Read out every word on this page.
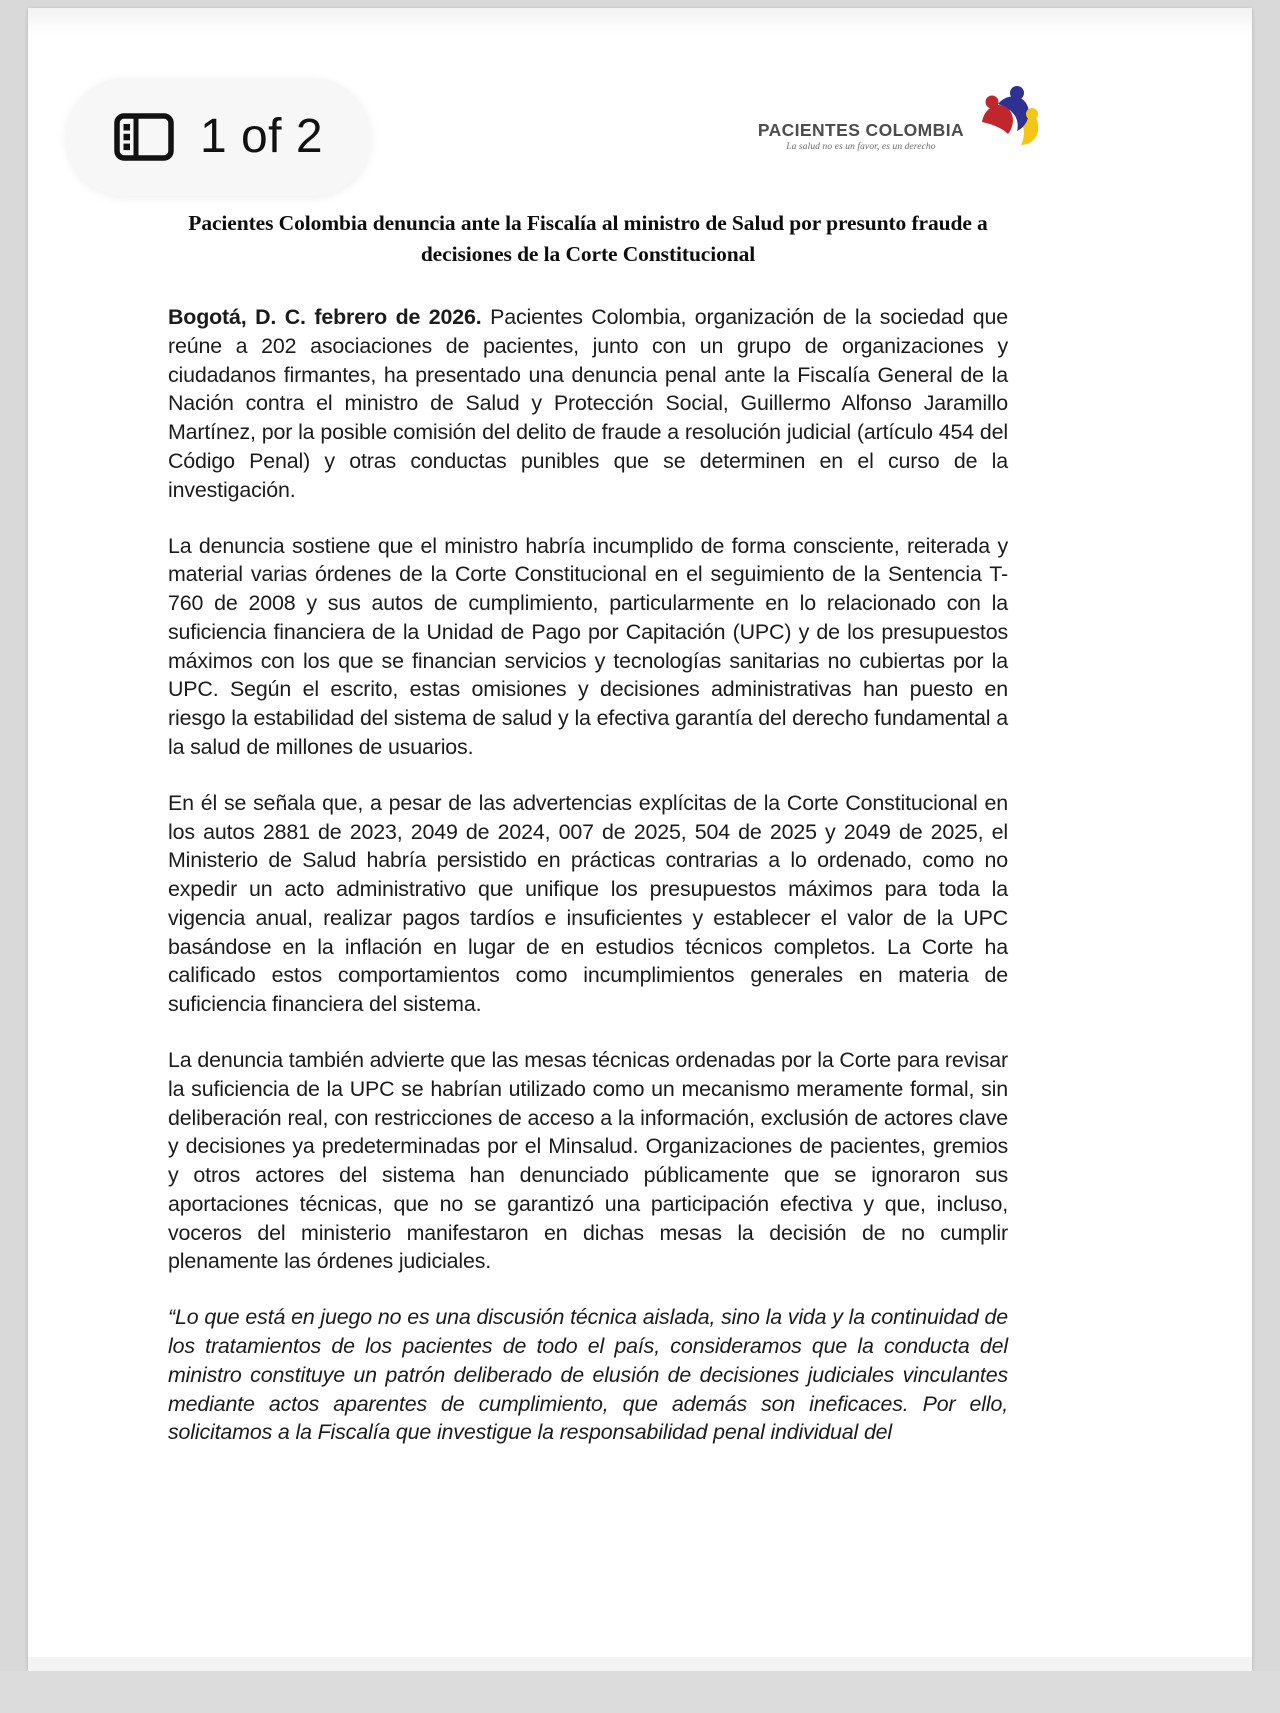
1 of 2	PACIENTES COLOMBIA
La salud no es un favor, es un derecho
Pacientes Colombia denuncia ante la Fiscalía al ministro de Salud por presunto fraude a decisiones de la Corte Constitucional

Bogotá, D. C. febrero de 2026. Pacientes Colombia, organización de la sociedad que reúne a 202 asociaciones de pacientes, junto con un grupo de organizaciones y ciudadanos firmantes, ha presentado una denuncia penal ante la Fiscalía General de la Nación contra el ministro de Salud y Protección Social, Guillermo Alfonso Jaramillo Martínez, por la posible comisión del delito de fraude a resolución judicial (artículo 454 del Código Penal) y otras conductas punibles que se determinen en el curso de la investigación.

La denuncia sostiene que el ministro habría incumplido de forma consciente, reiterada y material varias órdenes de la Corte Constitucional en el seguimiento de la Sentencia T-760 de 2008 y sus autos de cumplimiento, particularmente en lo relacionado con la suficiencia financiera de la Unidad de Pago por Capitación (UPC) y de los presupuestos máximos con los que se financian servicios y tecnologías sanitarias no cubiertas por la UPC. Según el escrito, estas omisiones y decisiones administrativas han puesto en riesgo la estabilidad del sistema de salud y la efectiva garantía del derecho fundamental a la salud de millones de usuarios.

En él se señala que, a pesar de las advertencias explícitas de la Corte Constitucional en los autos 2881 de 2023, 2049 de 2024, 007 de 2025, 504 de 2025 y 2049 de 2025, el Ministerio de Salud habría persistido en prácticas contrarias a lo ordenado, como no expedir un acto administrativo que unifique los presupuestos máximos para toda la vigencia anual, realizar pagos tardíos e insuficientes y establecer el valor de la UPC basándose en la inflación en lugar de en estudios técnicos completos. La Corte ha calificado estos comportamientos como incumplimientos generales en materia de suficiencia financiera del sistema.

La denuncia también advierte que las mesas técnicas ordenadas por la Corte para revisar la suficiencia de la UPC se habrían utilizado como un mecanismo meramente formal, sin deliberación real, con restricciones de acceso a la información, exclusión de actores clave y decisiones ya predeterminadas por el Minsalud. Organizaciones de pacientes, gremios y otros actores del sistema han denunciado públicamente que se ignoraron sus aportaciones técnicas, que no se garantizó una participación efectiva y que, incluso, voceros del ministerio manifestaron en dichas mesas la decisión de no cumplir plenamente las órdenes judiciales.

“Lo que está en juego no es una discusión técnica aislada, sino la vida y la continuidad de los tratamientos de los pacientes de todo el país, consideramos que la conducta del ministro constituye un patrón deliberado de elusión de decisiones judiciales vinculantes mediante actos aparentes de cumplimiento, que además son ineficaces. Por ello, solicitamos a la Fiscalía que investigue la responsabilidad penal individual del
